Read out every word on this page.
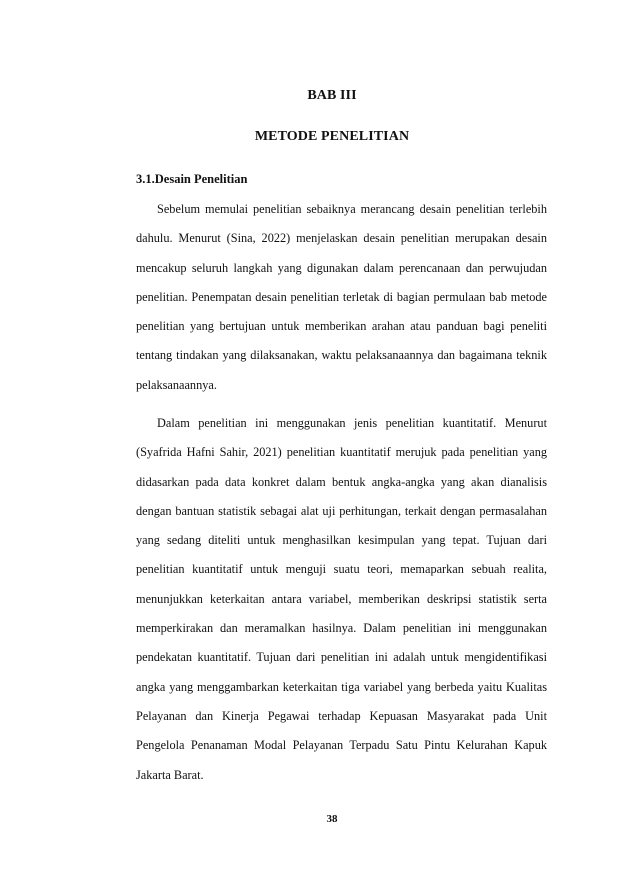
BAB III

METODE PENELITIAN

3.1.Desain Penelitian

Sebelum memulai penelitian sebaiknya merancang desain penelitian terlebih dahulu. Menurut (Sina, 2022) menjelaskan desain penelitian merupakan desain mencakup seluruh langkah yang digunakan dalam perencanaan dan perwujudan penelitian. Penempatan desain penelitian terletak di bagian permulaan bab metode penelitian yang bertujuan untuk memberikan arahan atau panduan bagi peneliti tentang tindakan yang dilaksanakan, waktu pelaksanaannya dan bagaimana teknik pelaksanaannya.

Dalam penelitian ini menggunakan jenis penelitian kuantitatif. Menurut (Syafrida Hafni Sahir, 2021) penelitian kuantitatif merujuk pada penelitian yang didasarkan pada data konkret dalam bentuk angka-angka yang akan dianalisis dengan bantuan statistik sebagai alat uji perhitungan, terkait dengan permasalahan yang sedang diteliti untuk menghasilkan kesimpulan yang tepat. Tujuan dari penelitian kuantitatif untuk menguji suatu teori, memaparkan sebuah realita, menunjukkan keterkaitan antara variabel, memberikan deskripsi statistik serta memperkirakan dan meramalkan hasilnya. Dalam penelitian ini menggunakan pendekatan kuantitatif. Tujuan dari penelitian ini adalah untuk mengidentifikasi angka yang menggambarkan keterkaitan tiga variabel yang berbeda yaitu Kualitas Pelayanan dan Kinerja Pegawai terhadap Kepuasan Masyarakat pada Unit Pengelola Penanaman Modal Pelayanan Terpadu Satu Pintu Kelurahan Kapuk Jakarta Barat.

38
